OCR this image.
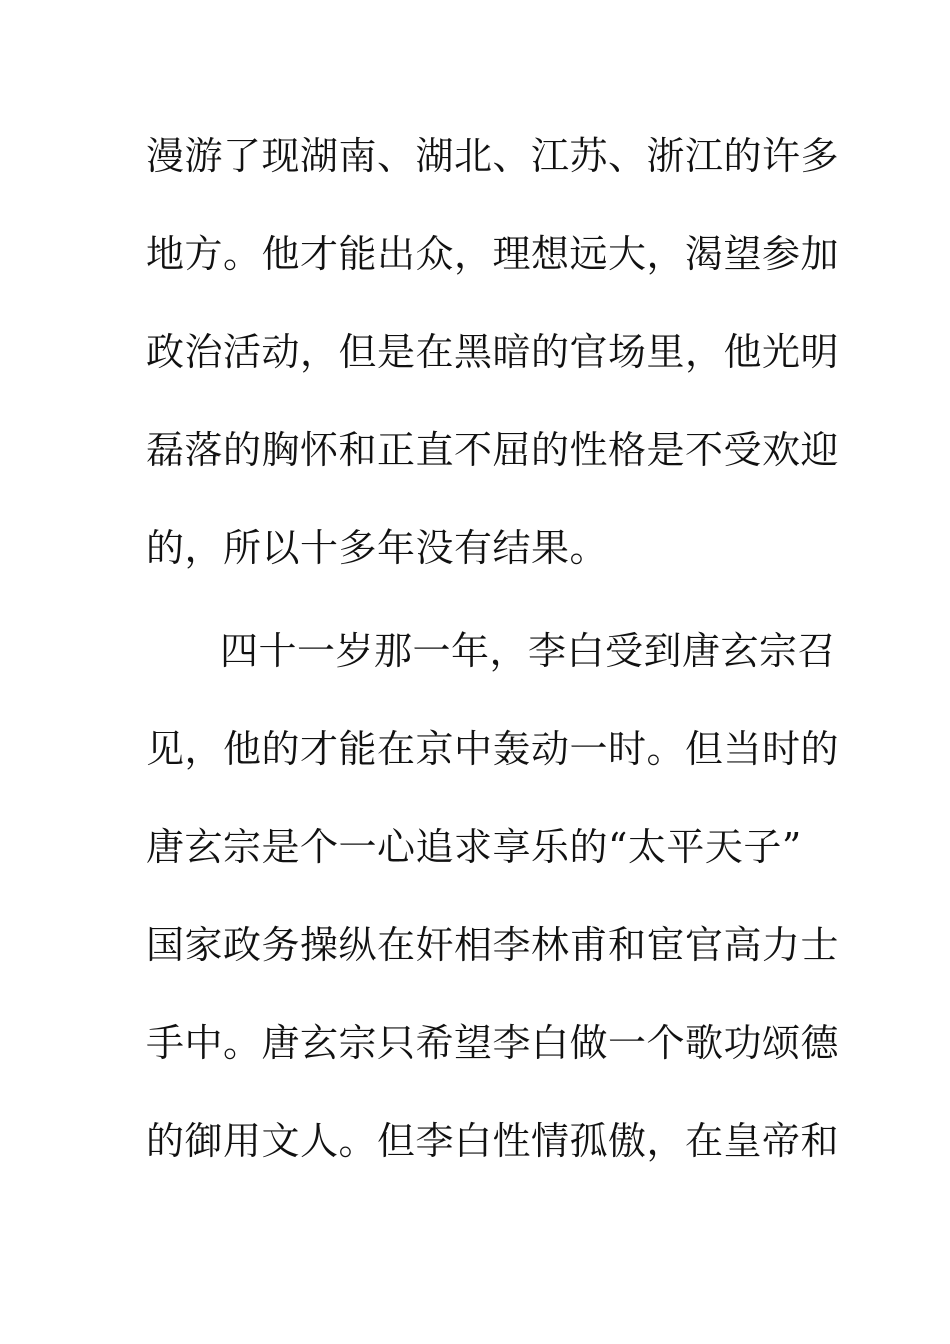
漫游了现湖南、湖北、江苏、浙江的许多
地方。他才能出众，理想远大，渴望参加
政治活动，但是在黑暗的官场里，他光明
磊落的胸怀和正直不屈的性格是不受欢迎
的，所以十多年没有结果。
四十一岁那一年，李白受到唐玄宗召
见，他的才能在京中轰动一时。但当时的
唐玄宗是个一心追求享乐的“太平天子”
国家政务操纵在奸相李林甫和宦官高力士
手中。唐玄宗只希望李白做一个歌功颂德
的御用文人。但李白性情孤傲，在皇帝和
